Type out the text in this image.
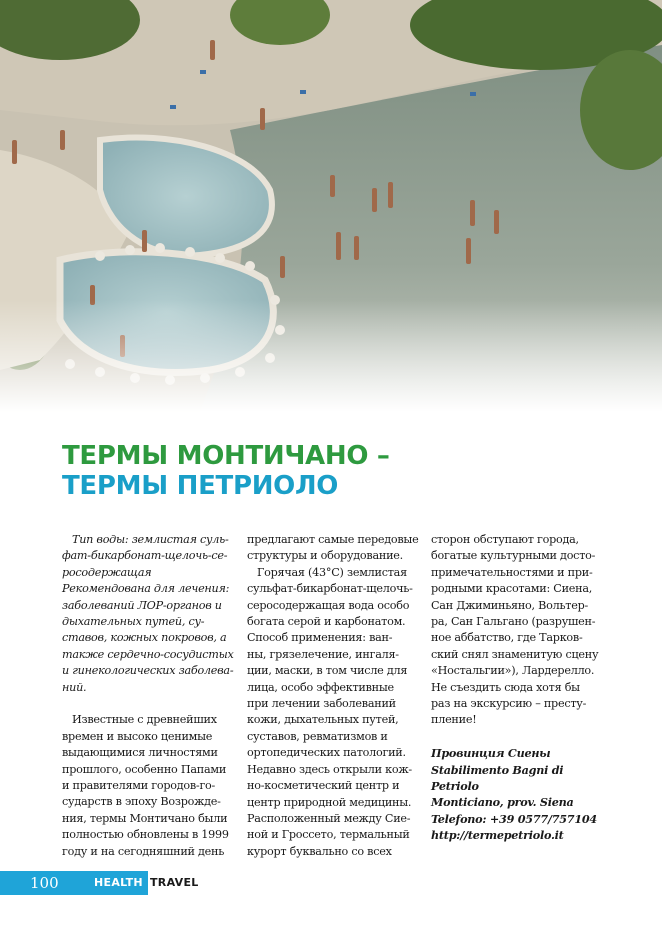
ТЕРМЫ МОНТИЧАНО –
ТЕРМЫ ПЕТРИОЛО

Тип воды: землистая суль-

фат-бикарбонат-щелочь-се-

росодержащая

Рекомендована для лечения:

заболеваний ЛОР-органов и

дыхательных путей, су-

ставов, кожных покровов, а

также сердечно-сосудистых

и гинекологических заболева-

ний.

Известные с древнейших

времен и высоко ценимые

выдающимися личностями

прошлого, особенно Папами

и правителями городов-го-

сударств в эпоху Возрожде-

ния, термы Монтичано были

полностью обновлены в 1999

году и на сегодняшний день

предлагают самые передовые

структуры и оборудование.

Горячая (43°С) землистая

сульфат-бикарбонат-щелочь-

серосодержащая вода особо

богата серой и карбонатом.

Способ применения: ван-

ны, грязелечение, ингаля-

ции, маски, в том числе для

лица, особо эффективные

при лечении заболеваний

кожи, дыхательных путей,

суставов, ревматизмов и

ортопедических патологий.

Недавно здесь открыли кож-

но-косметический центр и

центр природной медицины.

Расположенный между Сие-

ной и Гроссето, термальный

курорт буквально со всех

сторон обступают города,

богатые культурными досто-

примечательностями и при-

родными красотами: Сиена,

Сан Джиминьяно, Вольтер-

ра, Сан Гальгано (разрушен-

ное аббатство, где Тарков-

ский снял знаменитую сцену

«Ностальгии»), Лардерелло.

Не съездить сюда хотя бы

раз на экскурсию – престу-

пление!

Провинция Сиены

Stabilimento Bagni di Petriolo

Monticiano, prov. Siena

Telefono: +39 0577/757104

http://termepetriolo.it

100	HEALTH TRAVEL
